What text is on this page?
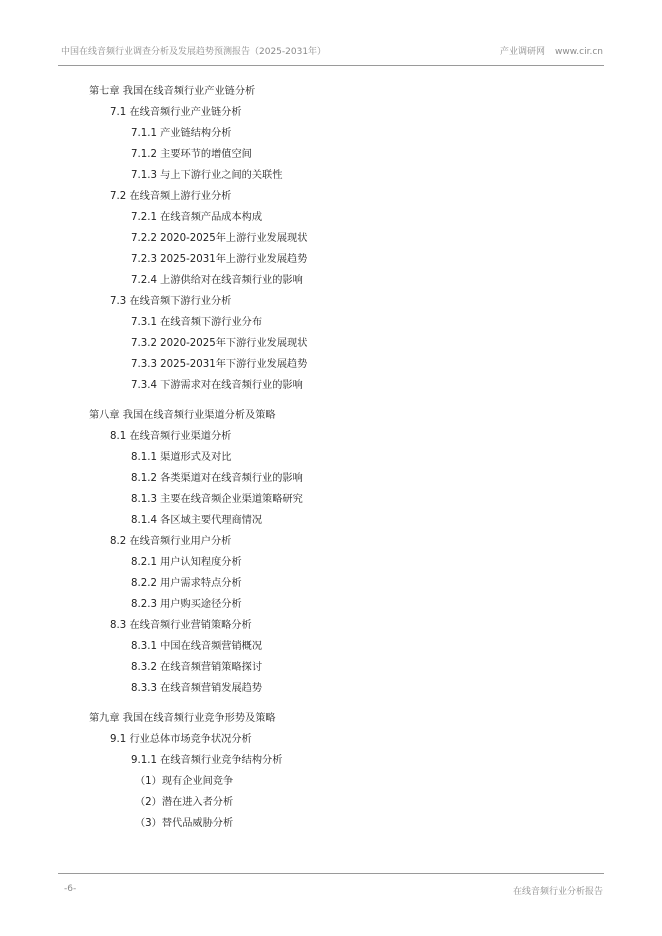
中国在线音频行业调查分析及发展趋势预测报告（2025-2031年）	产业调研网 www.cir.cn
第七章 我国在线音频行业产业链分析
7.1 在线音频行业产业链分析
7.1.1 产业链结构分析
7.1.2 主要环节的增值空间
7.1.3 与上下游行业之间的关联性
7.2 在线音频上游行业分析
7.2.1 在线音频产品成本构成
7.2.2 2020-2025年上游行业发展现状
7.2.3 2025-2031年上游行业发展趋势
7.2.4 上游供给对在线音频行业的影响
7.3 在线音频下游行业分析
7.3.1 在线音频下游行业分布
7.3.2 2020-2025年下游行业发展现状
7.3.3 2025-2031年下游行业发展趋势
7.3.4 下游需求对在线音频行业的影响
第八章 我国在线音频行业渠道分析及策略
8.1 在线音频行业渠道分析
8.1.1 渠道形式及对比
8.1.2 各类渠道对在线音频行业的影响
8.1.3 主要在线音频企业渠道策略研究
8.1.4 各区域主要代理商情况
8.2 在线音频行业用户分析
8.2.1 用户认知程度分析
8.2.2 用户需求特点分析
8.2.3 用户购买途径分析
8.3 在线音频行业营销策略分析
8.3.1 中国在线音频营销概况
8.3.2 在线音频营销策略探讨
8.3.3 在线音频营销发展趋势
第九章 我国在线音频行业竞争形势及策略
9.1 行业总体市场竞争状况分析
9.1.1 在线音频行业竞争结构分析
（1）现有企业间竞争
（2）潜在进入者分析
（3）替代品威胁分析
-6-	在线音频行业分析报告
